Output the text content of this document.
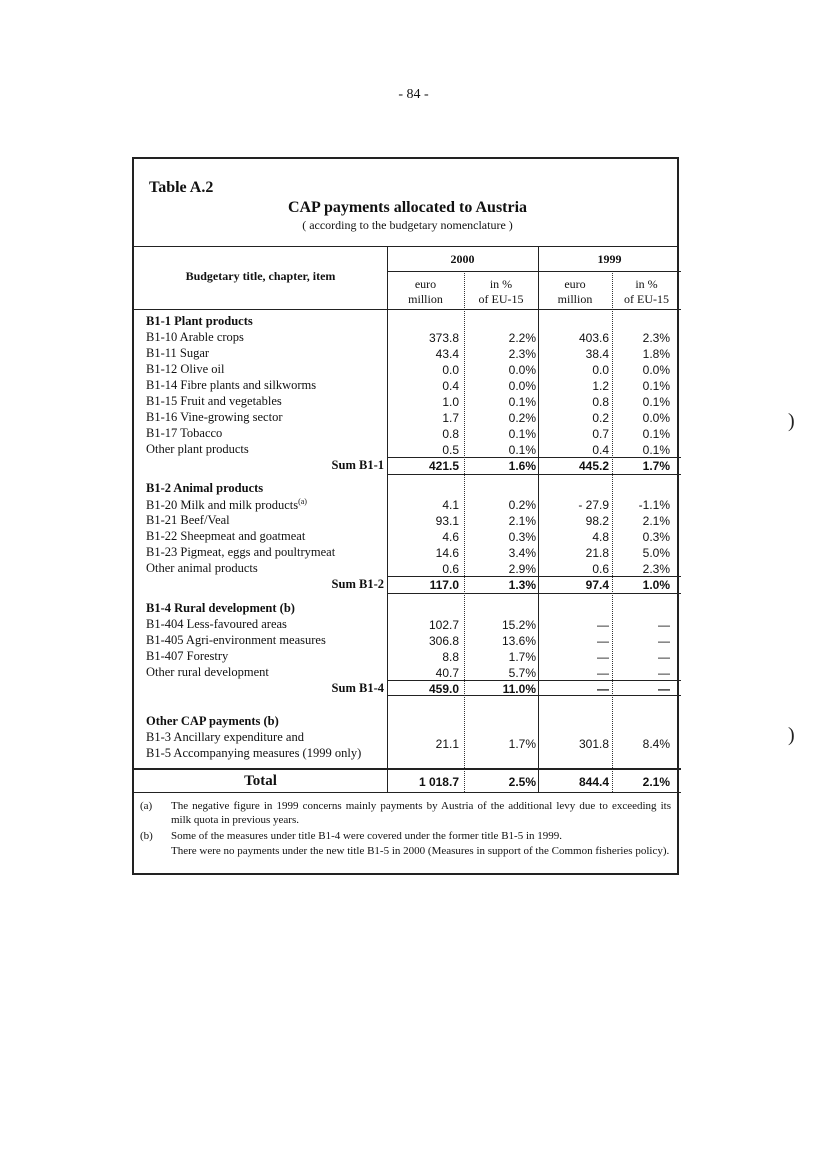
- 84 -
Table A.2
CAP payments allocated to Austria
( according to the budgetary nomenclature )
Budgetary title, chapter, item
2000	1999
euro
million
in %
of EU-15
euro
million
in %
of EU-15
B1-1 Plant products
B1-10 Arable crops	373.8	2.2%	403.6	2.3%
B1-11 Sugar	43.4	2.3%	38.4	1.8%
B1-12 Olive oil	0.0	0.0%	0.0	0.0%
B1-14 Fibre plants and silkworms	0.4	0.0%	1.2	0.1%
B1-15 Fruit and vegetables	1.0	0.1%	0.8	0.1%
B1-16 Vine-growing sector	1.7	0.2%	0.2	0.0%
B1-17 Tobacco	0.8	0.1%	0.7	0.1%
Other plant products	0.5	0.1%	0.4	0.1%
Sum B1-1	421.5	1.6%	445.2	1.7%
B1-2 Animal products
B1-20 Milk and milk products$^{(a)}$	4.1	0.2%	- 27.9	-1.1%
B1-21 Beef/Veal	93.1	2.1%	98.2	2.1%
B1-22 Sheepmeat and goatmeat	4.6	0.3%	4.8	0.3%
B1-23 Pigmeat, eggs and poultrymeat	14.6	3.4%	21.8	5.0%
Other animal products	0.6	2.9%	0.6	2.3%
Sum B1-2	117.0	1.3%	97.4	1.0%
B1-4 Rural development (b)
B1-404 Less-favoured areas	102.7	15.2%	—	—
B1-405 Agri-environment measures	306.8	13.6%	—	—
B1-407 Forestry	8.8	1.7%	—	—
Other rural development	40.7	5.7%	—	—
Sum B1-4	459.0	11.0%	—	—
Other CAP payments (b)
B1-3 Ancillary expenditure and
B1-5 Accompanying measures (1999 only)
21.1	1.7%	301.8	8.4%
Total	1 018.7	2.5%	844.4	2.1%
(a) The negative figure in 1999 concerns mainly payments by Austria of the additional levy due to exceeding its milk quota in previous years.
(b) Some of the measures under title B1-4 were covered under the former title B1-5 in 1999.
There were no payments under the new title B1-5 in 2000 (Measures in support of the Common fisheries policy).
)
)
